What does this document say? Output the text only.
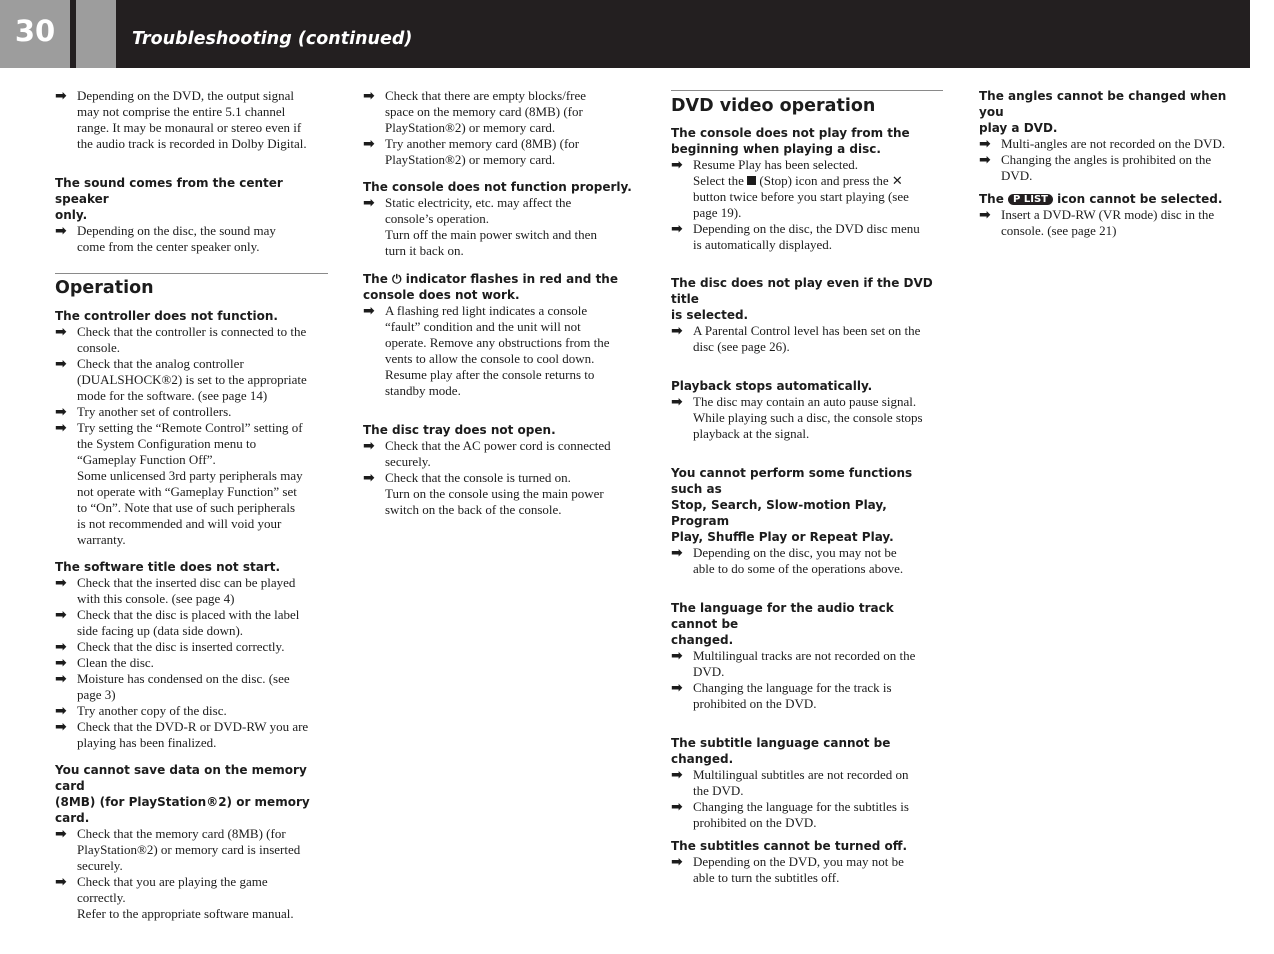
30	Troubleshooting (continued)
➡ Depending on the DVD, the output signal
may not comprise the entire 5.1 channel
range. It may be monaural or stereo even if
the audio track is recorded in Dolby Digital.
The sound comes from the center speaker
only.
➡ Depending on the disc, the sound may
come from the center speaker only.
Operation
The controller does not function.
➡ Check that the controller is connected to the
console.
➡ Check that the analog controller
(DUALSHOCK®2) is set to the appropriate
mode for the software. (see page 14)
➡ Try another set of controllers.
➡ Try setting the “Remote Control” setting of
the System Configuration menu to
“Gameplay Function Off”.
Some unlicensed 3rd party peripherals may
not operate with “Gameplay Function” set
to “On”. Note that use of such peripherals
is not recommended and will void your
warranty.
The software title does not start.
➡ Check that the inserted disc can be played
with this console. (see page 4)
➡ Check that the disc is placed with the label
side facing up (data side down).
➡ Check that the disc is inserted correctly.
➡ Clean the disc.
➡ Moisture has condensed on the disc. (see
page 3)
➡ Try another copy of the disc.
➡ Check that the DVD-R or DVD-RW you are
playing has been finalized.
You cannot save data on the memory card
(8MB) (for PlayStation®2) or memory card.
➡ Check that the memory card (8MB) (for
PlayStation®2) or memory card is inserted
securely.
➡ Check that you are playing the game
correctly.
Refer to the appropriate software manual.
➡ Check that there are empty blocks/free
space on the memory card (8MB) (for
PlayStation®2) or memory card.
➡ Try another memory card (8MB) (for
PlayStation®2) or memory card.
The console does not function properly.
➡ Static electricity, etc. may affect the
console’s operation.
Turn off the main power switch and then
turn it back on.
The ⏻ indicator flashes in red and the
console does not work.
➡ A flashing red light indicates a console
“fault” condition and the unit will not
operate. Remove any obstructions from the
vents to allow the console to cool down.
Resume play after the console returns to
standby mode.
The disc tray does not open.
➡ Check that the AC power cord is connected
securely.
➡ Check that the console is turned on.
Turn on the console using the main power
switch on the back of the console.
DVD video operation
The console does not play from the
beginning when playing a disc.
➡ Resume Play has been selected.
Select the  (Stop) icon and press the ✕
button twice before you start playing (see
page 19).
➡ Depending on the disc, the DVD disc menu
is automatically displayed.
The disc does not play even if the DVD title
is selected.
➡ A Parental Control level has been set on the
disc (see page 26).
Playback stops automatically.
➡ The disc may contain an auto pause signal.
While playing such a disc, the console stops
playback at the signal.
You cannot perform some functions such as
Stop, Search, Slow-motion Play, Program
Play, Shuffle Play or Repeat Play.
➡ Depending on the disc, you may not be
able to do some of the operations above.
The language for the audio track cannot be
changed.
➡ Multilingual tracks are not recorded on the
DVD.
➡ Changing the language for the track is
prohibited on the DVD.
The subtitle language cannot be changed.
➡ Multilingual subtitles are not recorded on
the DVD.
➡ Changing the language for the subtitles is
prohibited on the DVD.
The subtitles cannot be turned off.
➡ Depending on the DVD, you may not be
able to turn the subtitles off.
The angles cannot be changed when you
play a DVD.
➡ Multi-angles are not recorded on the DVD.
➡ Changing the angles is prohibited on the
DVD.
The P LIST icon cannot be selected.
➡ Insert a DVD-RW (VR mode) disc in the
console. (see page 21)
